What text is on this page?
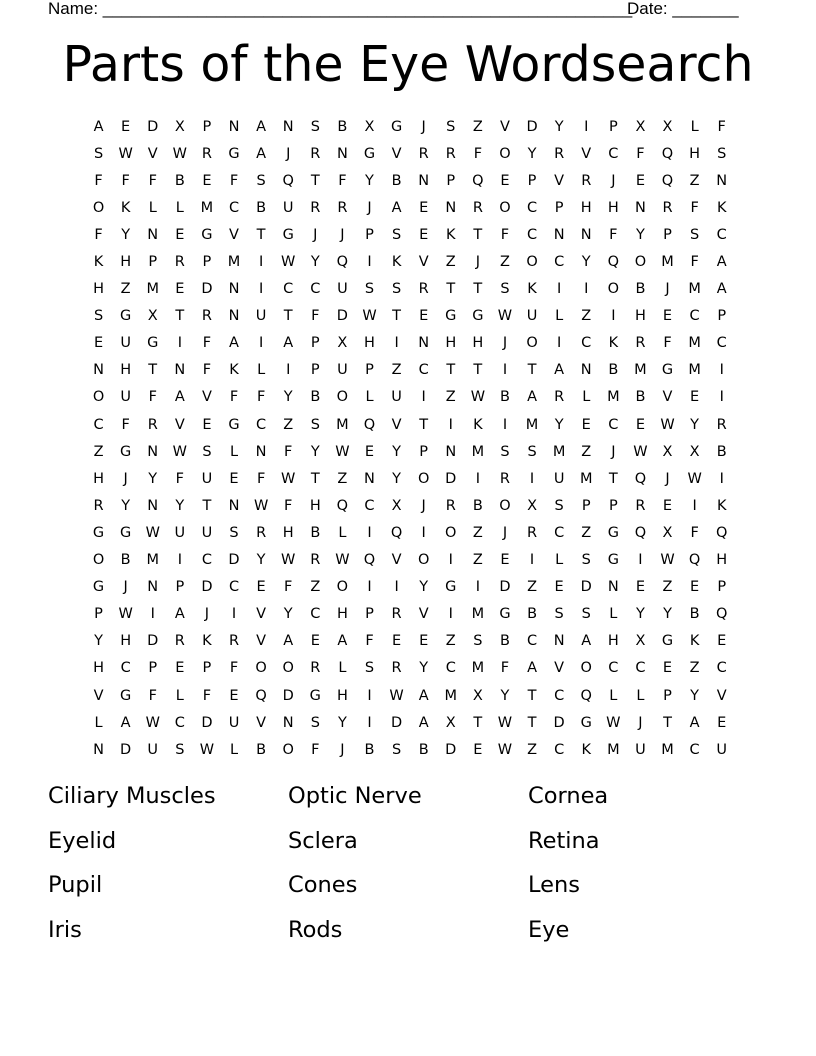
Name: ________________________________________________________
Date: _______
Parts of the Eye Wordsearch
A	E	D	X	P	N	A	N	S	B	X	G	J	S	Z	V	D	Y	I	P	X	X	L	F
S	W	V	W	R	G	A	J	R	N	G	V	R	R	F	O	Y	R	V	C	F	Q	H	S
F	F	F	B	E	F	S	Q	T	F	Y	B	N	P	Q	E	P	V	R	J	E	Q	Z	N
O	K	L	L	M	C	B	U	R	R	J	A	E	N	R	O	C	P	H	H	N	R	F	K
F	Y	N	E	G	V	T	G	J	J	P	S	E	K	T	F	C	N	N	F	Y	P	S	C
K	H	P	R	P	M	I	W	Y	Q	I	K	V	Z	J	Z	O	C	Y	Q	O	M	F	A
H	Z	M	E	D	N	I	C	C	U	S	S	R	T	T	S	K	I	I	O	B	J	M	A
S	G	X	T	R	N	U	T	F	D W	T	E	G	G W	U	L	Z	I	H	E	C	P
E	U	G	I	F	A	I	A	P	X	H	I	N	H	H	J	O	I	C	K	R	F	M	C
N	H	T	N	F	K	L	I	P	U	P	Z	C	T	T	I	T	A	N	B	M	G	M	I
O	U	F	A	V	F	F	Y	B	O	L	U	I	Z	W	B	A	R	L	M	B	V	E	I
C	F	R	V	E	G	C	Z	S	M	Q	V	T	I	K	I	M	Y	E	C	E	W	Y	R
Z	G	N	W	S	L	N	F	Y	W	E	Y	P	N	M	S	S	M	Z	J	W	X	X	B
H	J	Y	F	U	E	F	W	T	Z	N	Y	O	D	I	R	I	U	M	T	Q	J	W	I
R	Y	N	Y	T	N	W	F	H	Q	C	X	J	R	B	O	X	S	P	P	R	E	I	K
G	G W	U	U	S	R	H	B	L	I	Q	I	O	Z	J	R	C	Z	G	Q	X	F	Q
O	B	M	I	C	D	Y	W	R	W Q	V	O	I	Z	E	I	L	S	G	I	W Q	H
G	J	N	P	D	C	E	F	Z	O	I	I	Y	G	I	D	Z	E	D	N	E	Z	E	P
P	W	I	A	J	I	V	Y	C	H	P	R	V	I	M	G	B	S	S	L	Y	Y	B	Q
Y	H	D	R	K	R	V	A	E	A	F	E	E	Z	S	B	C	N	A	H	X	G	K	E
H	C	P	E	P	F	O	O	R	L	S	R	Y	C	M	F	A	V	O	C	C	E	Z	C
V	G	F	L	F	E	Q	D	G	H	I	W	A	M	X	Y	T	C	Q	L	L	P	Y	V
L	A	W	C	D	U	V	N	S	Y	I	D	A	X	T	W	T	D	G W	J	T	A	E
N	D	U	S	W	L	B	O	F	J	B	S	B	D	E	W	Z	C	K	M	U	M	C	U
Ciliary Muscles	Optic Nerve	Cornea
Eyelid	Sclera	Retina
Pupil	Cones	Lens
Iris	Rods	Eye
